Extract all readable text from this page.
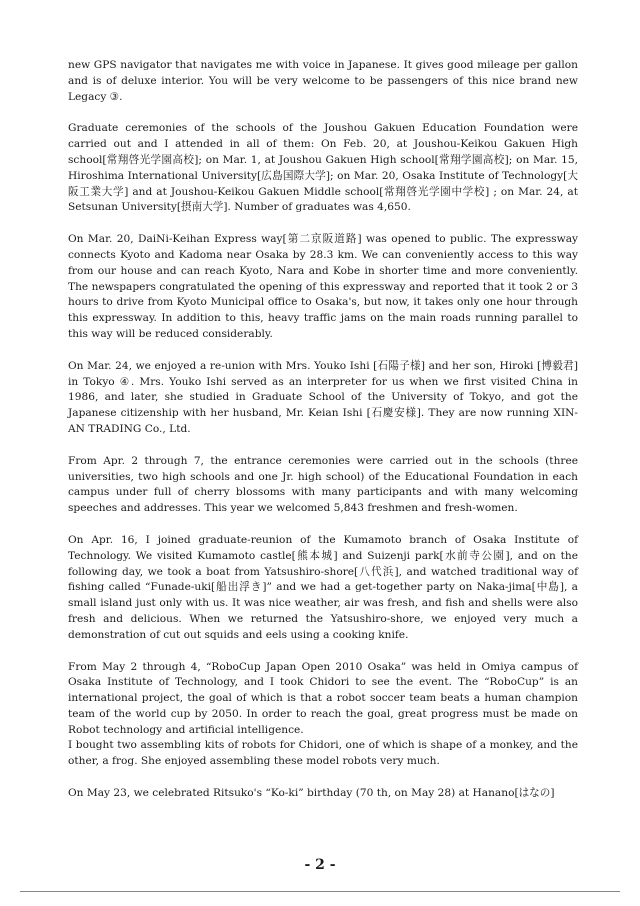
new GPS navigator that navigates me with voice in Japanese. It gives good mileage per gallon and is of deluxe interior. You will be very welcome to be passengers of this nice brand new Legacy ③.

Graduate ceremonies of the schools of the Joushou Gakuen Education Foundation were carried out and I attended in all of them: On Feb. 20, at Joushou-Keikou Gakuen High school[常翔啓光学園高校]; on Mar. 1, at Joushou Gakuen High school[常翔学園高校]; on Mar. 15, Hiroshima International University[広島国際大学]; on Mar. 20, Osaka Institute of Technology[大阪工業大学] and at Joushou-Keikou Gakuen Middle school[常翔啓光学園中学校] ; on Mar. 24, at Setsunan University[摂南大学]. Number of graduates was 4,650.

On Mar. 20, DaiNi-Keihan Express way[第二京阪道路] was opened to public. The expressway connects Kyoto and Kadoma near Osaka by 28.3 km. We can conveniently access to this way from our house and can reach Kyoto, Nara and Kobe in shorter time and more conveniently. The newspapers congratulated the opening of this expressway and reported that it took 2 or 3 hours to drive from Kyoto Municipal office to Osaka's, but now, it takes only one hour through this expressway. In addition to this, heavy traffic jams on the main roads running parallel to this way will be reduced considerably.

On Mar. 24, we enjoyed a re-union with Mrs. Youko Ishi [石陽子様] and her son, Hiroki [博毅君] in Tokyo ④. Mrs. Youko Ishi served as an interpreter for us when we first visited China in 1986, and later, she studied in Graduate School of the University of Tokyo, and got the Japanese citizenship with her husband, Mr. Keian Ishi [石慶安様]. They are now running XIN-AN TRADING Co., Ltd.

From Apr. 2 through 7, the entrance ceremonies were carried out in the schools (three universities, two high schools and one Jr. high school) of the Educational Foundation in each campus under full of cherry blossoms with many participants and with many welcoming speeches and addresses. This year we welcomed 5,843 freshmen and fresh-women.

On Apr. 16, I joined graduate-reunion of the Kumamoto branch of Osaka Institute of Technology. We visited Kumamoto castle[熊本城] and Suizenji park[水前寺公園], and on the following day, we took a boat from Yatsushiro-shore[八代浜], and watched traditional way of fishing called “Funade-uki[船出浮き]” and we had a get-together party on Naka-jima[中島], a small island just only with us. It was nice weather, air was fresh, and fish and shells were also fresh and delicious. When we returned the Yatsushiro-shore, we enjoyed very much a demonstration of cut out squids and eels using a cooking knife.

From May 2 through 4, “RoboCup Japan Open 2010 Osaka” was held in Omiya campus of Osaka Institute of Technology, and I took Chidori to see the event. The “RoboCup” is an international project, the goal of which is that a robot soccer team beats a human champion team of the world cup by 2050. In order to reach the goal, great progress must be made on Robot technology and artificial intelligence.
I bought two assembling kits of robots for Chidori, one of which is shape of a monkey, and the other, a frog. She enjoyed assembling these model robots very much.

On May 23, we celebrated Ritsuko's “Ko-ki” birthday (70 th, on May 28) at Hanano[はなの]

- 2 -
